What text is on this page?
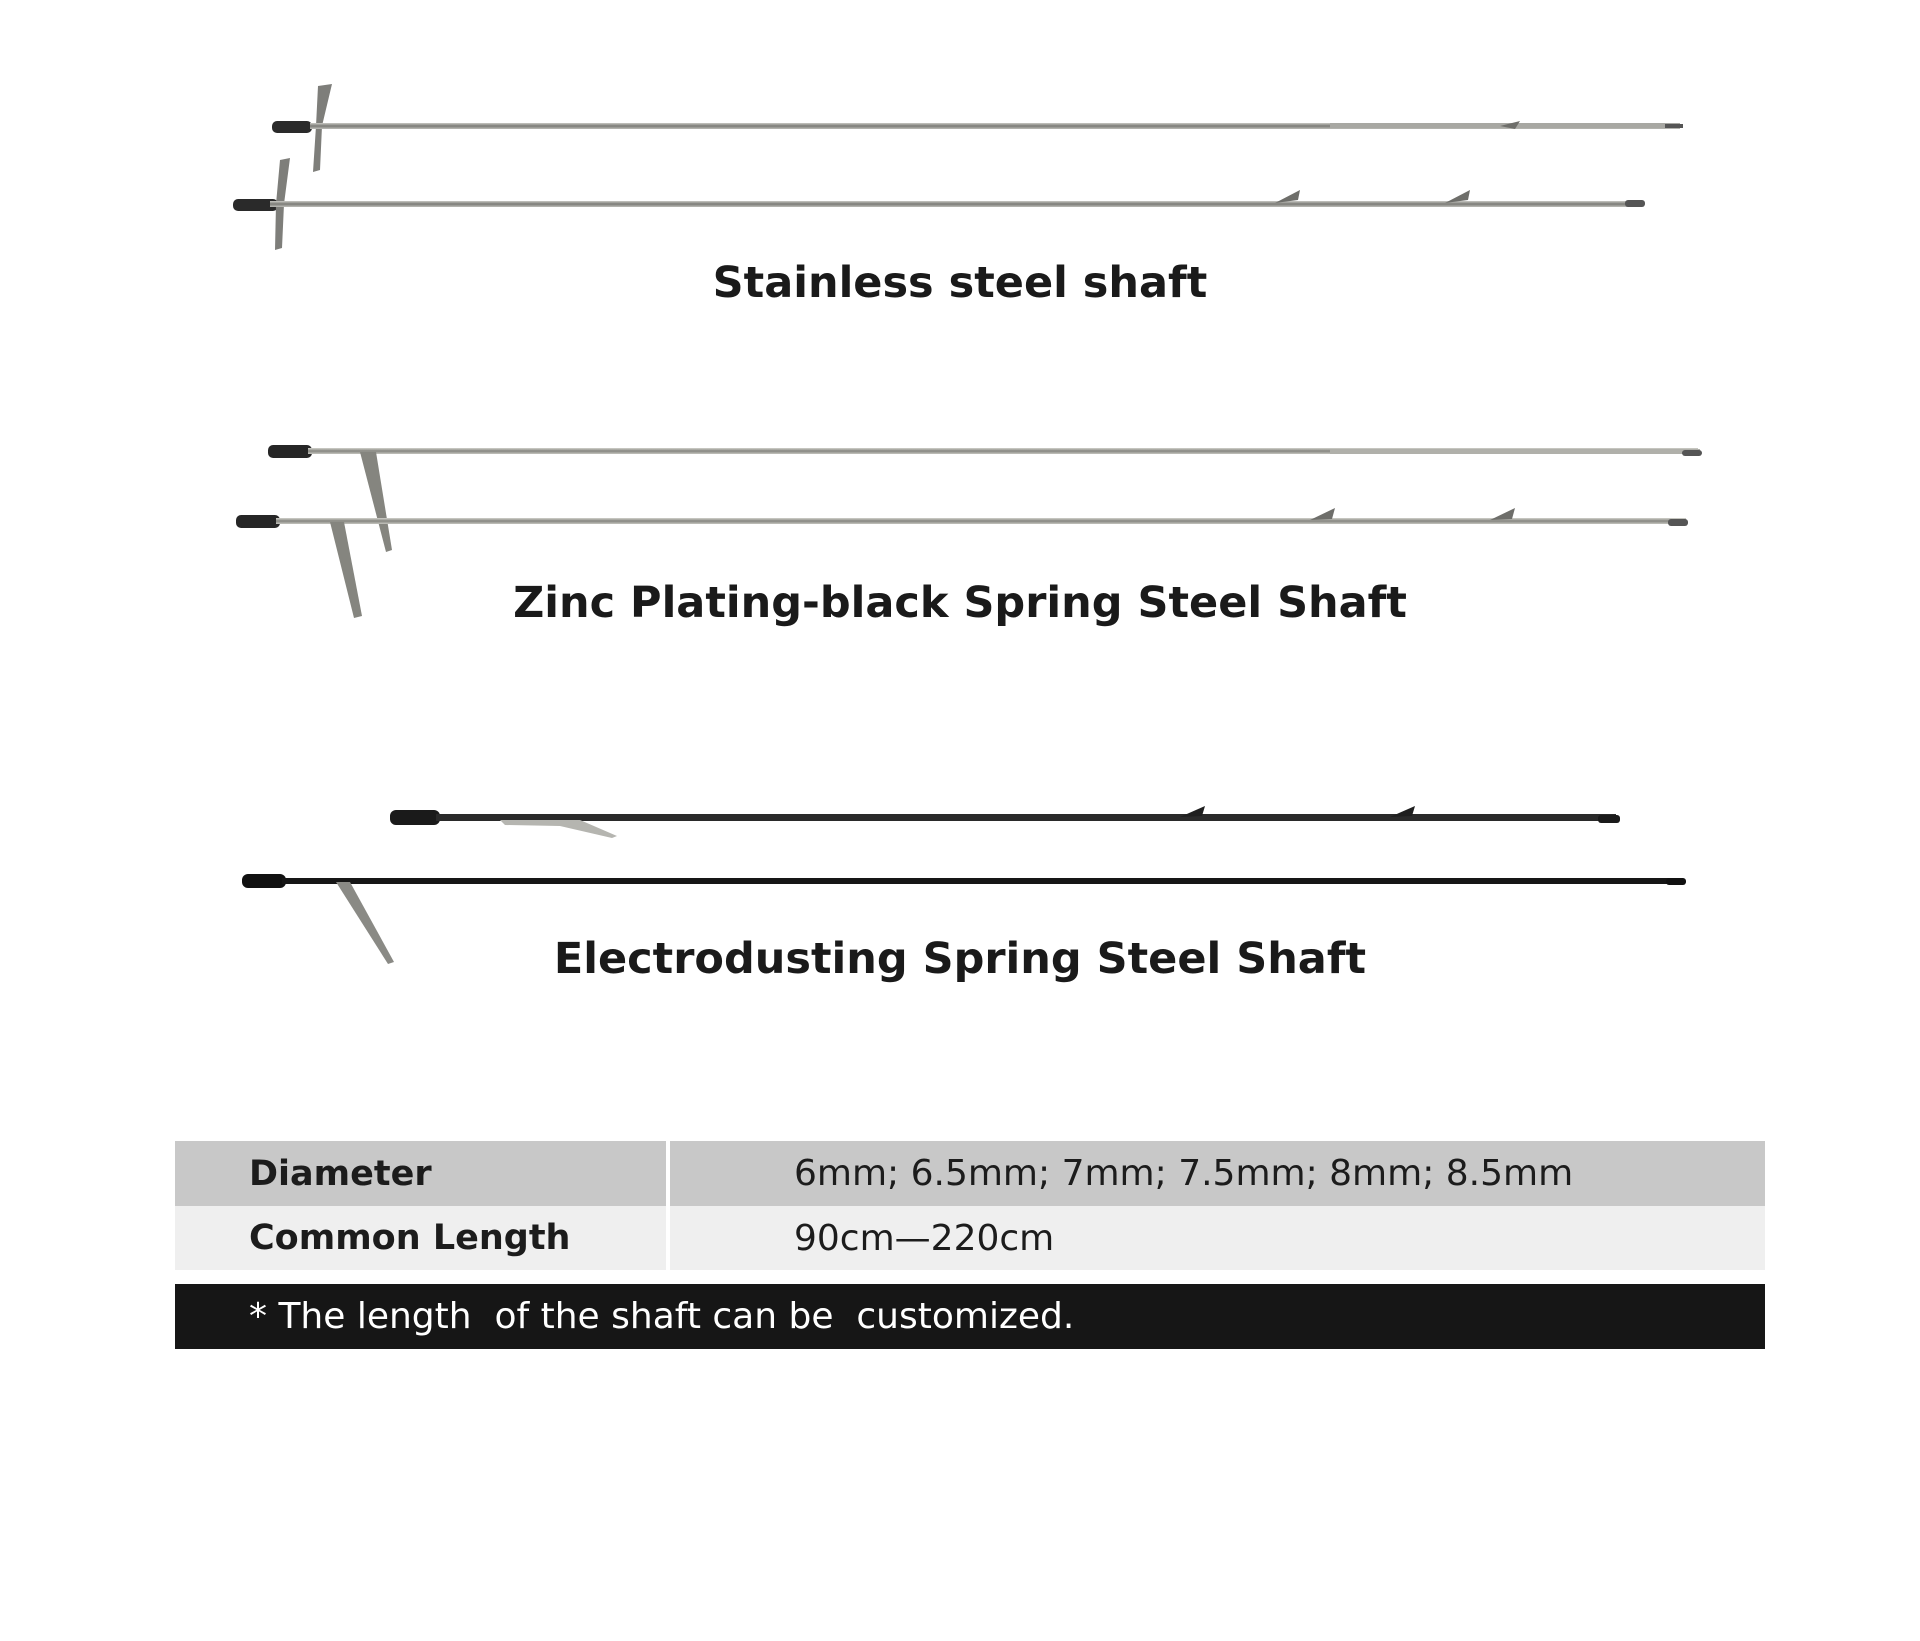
Stainless steel shaft
Zinc Plating-black Spring Steel Shaft
Electrodusting Spring Steel Shaft
Diameter	6mm; 6.5mm; 7mm; 7.5mm; 8mm; 8.5mm
Common Length	90cm—220cm
* The length  of the shaft can be  customized.
